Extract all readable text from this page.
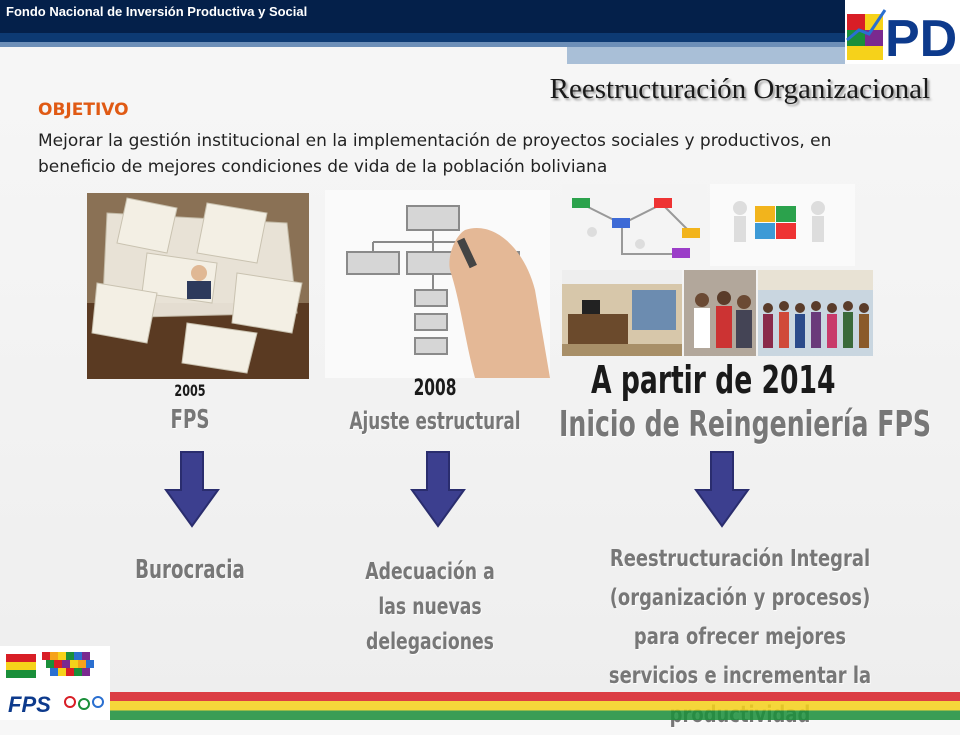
Fondo Nacional de Inversión Productiva y Social	PD
Reestructuración Organizacional
OBJETIVO
Mejorar la gestión institucional en la implementación de proyectos sociales y productivos, en beneficio de mejores condiciones de vida de la población boliviana
2005
FPS
2008
Ajuste estructural
A partir de 2014
Inicio de Reingeniería FPS
Burocracia	Adecuación a las nuevas delegaciones
Reestructuración Integral (organización y procesos) para ofrecer mejores servicios e incrementar la
FPS
